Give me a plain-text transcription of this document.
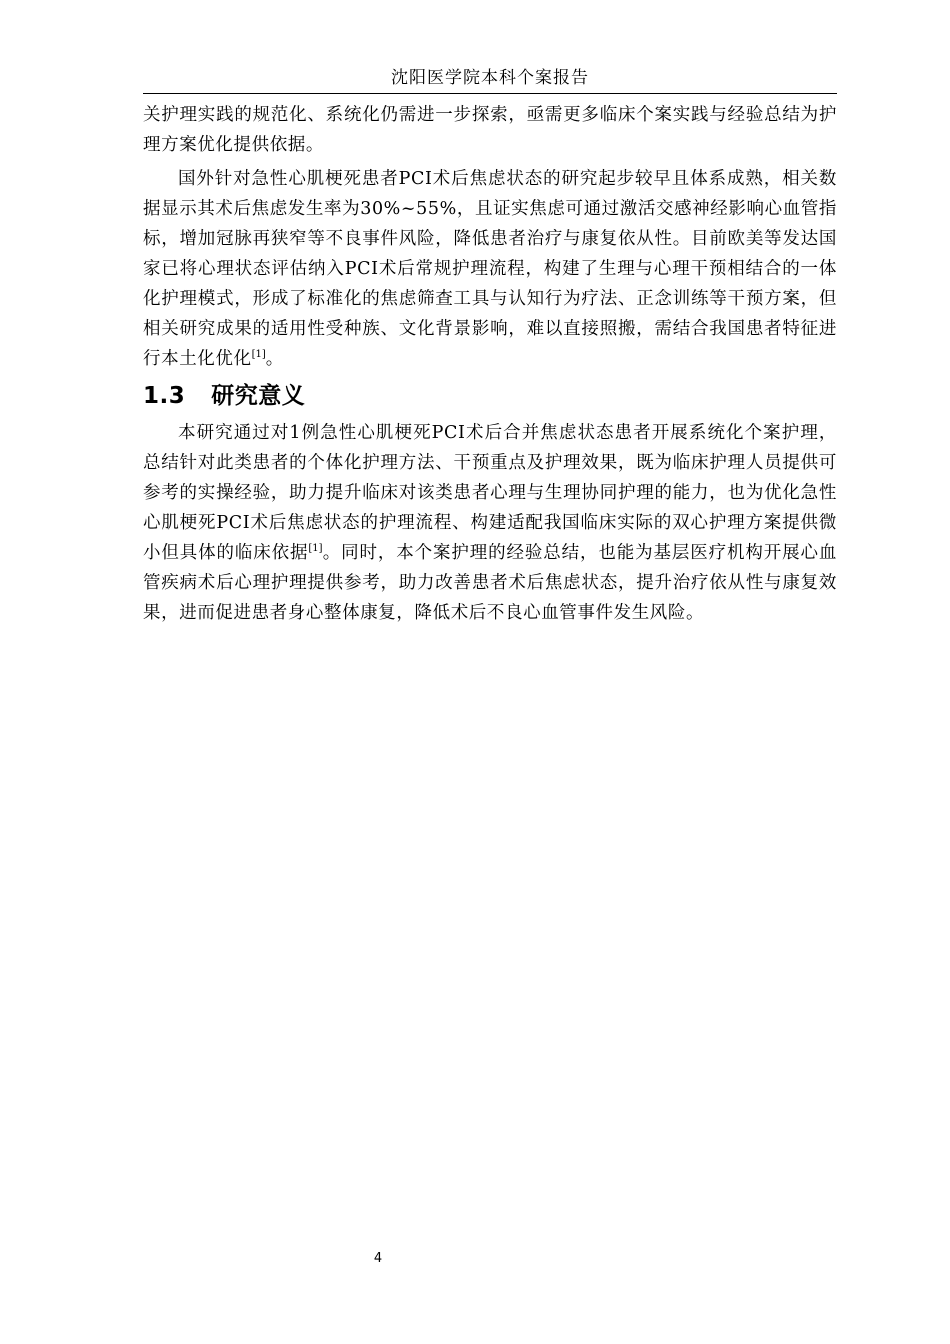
沈阳医学院本科个案报告

关护理实践的规范化、系统化仍需进一步探索，亟需更多临床个案实践与经验总结为护理方案优化提供依据。

国外针对急性心肌梗死患者PCI术后焦虑状态的研究起步较早且体系成熟，相关数据显示其术后焦虑发生率为30%~55%，且证实焦虑可通过激活交感神经影响心血管指标，增加冠脉再狭窄等不良事件风险，降低患者治疗与康复依从性。目前欧美等发达国家已将心理状态评估纳入PCI术后常规护理流程，构建了生理与心理干预相结合的一体化护理模式，形成了标准化的焦虑筛查工具与认知行为疗法、正念训练等干预方案，但相关研究成果的适用性受种族、文化背景影响，难以直接照搬，需结合我国患者特征进行本土化优化[1]。

1.3 研究意义

本研究通过对1例急性心肌梗死PCI术后合并焦虑状态患者开展系统化个案护理，总结针对此类患者的个体化护理方法、干预重点及护理效果，既为临床护理人员提供可参考的实操经验，助力提升临床对该类患者心理与生理协同护理的能力，也为优化急性心肌梗死PCI术后焦虑状态的护理流程、构建适配我国临床实际的双心护理方案提供微小但具体的临床依据[1]。同时，本个案护理的经验总结，也能为基层医疗机构开展心血管疾病术后心理护理提供参考，助力改善患者术后焦虑状态，提升治疗依从性与康复效果，进而促进患者身心整体康复，降低术后不良心血管事件发生风险。

4
